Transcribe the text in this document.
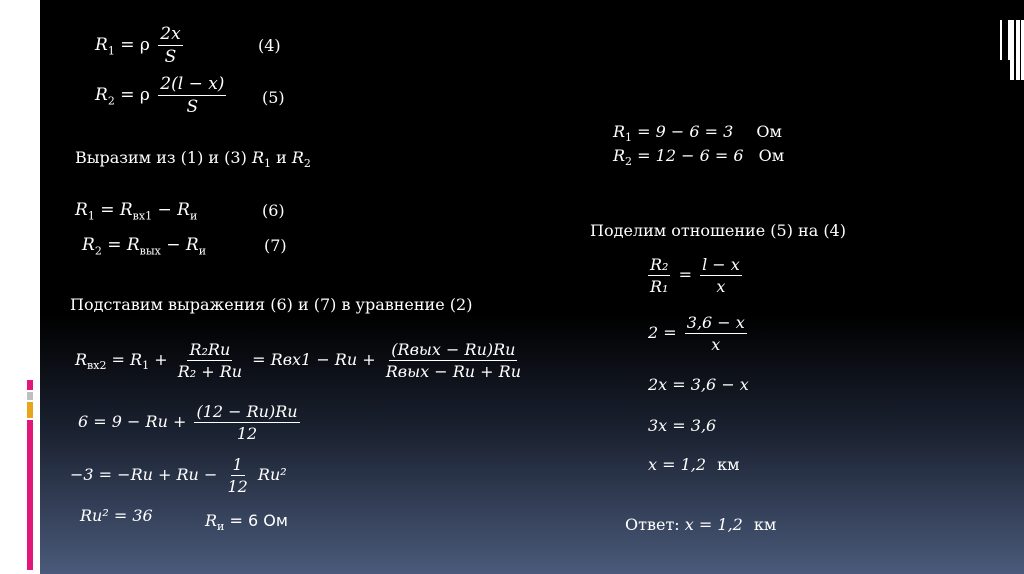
$R_1 = \rho \frac{2x}{S}$	(4)
$R_2 = \rho \frac{2(l - x)}{S} (5)$
Выразим из (1) и (3) $R_1$ и $R_2$
$R_1 = R_{вх1} - R_и$	(6)
$R_2 = R_{вых} - R_и$	(7)
Подставим выражения (6) и (7) в уравнение (2)
$R_{вх2} = R_1 + \frac{\text{R₂Rи}}{\text{R₂ + Rи}} = Rвх1$ − Rи + $\frac{\text{(Rвых − Rи)Rи}}{\text{Rвых − Rи + Rи}}$
6 = 9 − Rи + $\frac{(12 - Rи)Rи}{12}$
−3 = −Rи + Rи − $\frac{1}{12} Rи^2$
Rи² = 36	$R_и = 6$ Ом
$R_1 = 9 - 6 = 3$ Ом
$R_2 = 12 - 6 = 6$ Ом
Поделим отношение (5) на (4)
$\frac{\text{R₂}}{\text{R₁}} = \frac{l - x}{x}$
$2 = \frac{3,6 - x}{x}$
2x = 3,6 − x
3x = 3,6
x = 1,2 км
Ответ: x = 1,2 км
